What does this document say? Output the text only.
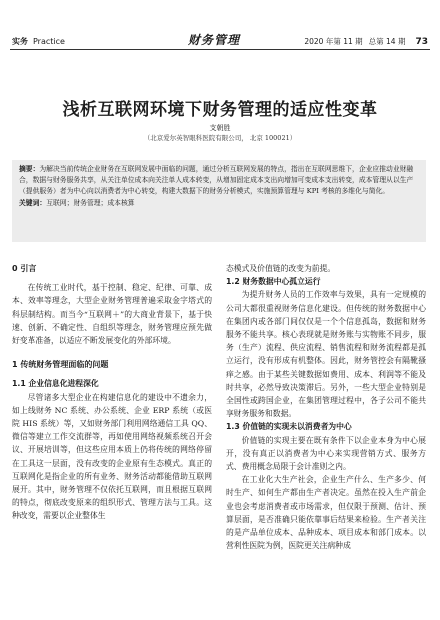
实务 Practice	财务管理	2020 年第 11 期 总第 14 期 73
浅析互联网环境下财务管理的适应性变革
支朝胜
（北京爱尔英智眼科医院有限公司， 北京 100021）
摘要：为解决当前传统企业财务在互联网发展中面临的问题，通过分析互联网发展的特点，指出在互联网思维下，企业应推动业财融合，数据与财务服务共享，从关注单位成本向关注单人成本转变，从增加固定成本支出向增加可变成本支出转变，成本管理从以生产（提供服务）者为中心向以消费者为中心转变，构建大数据下的财务分析模式，实施预算管理与 KPI 考核的多维化与简化。
关键词：互联网；财务管理；成本核算
0 引言

在传统工业时代，基于控制、稳定、纪律、可靠、成本、效率等理念，大型企业财务管理普遍采取金字塔式的科层制结构。而当今“互联网＋”的大商业背景下，基于快速、创新、不确定性、自组织等理念，财务管理应预先做好变革准备，以适应不断发展变化的外部环境。

1 传统财务管理面临的问题
1.1 企业信息化进程深化

尽管诸多大型企业在构建信息化的建设中不遗余力，如上线财务 NC 系统、办公系统、企业 ERP 系统（或医院 HIS 系统）等，又如财务部门利用网络通信工具 QQ、微信等建立工作交流群等，再如使用网络视频系统召开会议、开展培训等，但这些应用本质上仍将传统的网络停留在工具这一层面，没有改变的企业原有生态模式。真正的互联网化是指企业的所有业务、财务活动都能借助互联网展开。其中，财务管理不仅依托互联网，而且根据互联网的特点，彻底改变原来的组织形式、管理方法与工具。这种改变，需要以企业整体生

态模式及价值链的改变为前提。
1.2 财务数据中心孤立运行

为提升财务人员的工作效率与效果，具有一定规模的公司大都很重视财务信息化建设。但传统的财务数据中心在集团内或各部门间仅仅是一个个信息孤岛，数据和财务服务不能共享。核心表现就是财务账与实物账不同步，服务（生产）流程、供应流程、销售流程和财务流程都是孤立运行，没有形成有机整体。因此，财务管控会有隔靴搔痒之感。由于某些关键数据如费用、成本、利润等不能及时共享，必然导致决策滞后。另外，一些大型企业特别是全国性或跨国企业，在集团管理过程中，各子公司不能共享财务服务和数据。

1.3 价值链的实现未以消费者为中心

价值链的实现主要在既有条件下以企业本身为中心展开，没有真正以消费者为中心来实现营销方式、服务方式、费用概念局限于会计准则之内。

在工业化大生产社会，企业生产什么、生产多少、何时生产、如何生产都由生产者决定。虽然在投入生产前企业也会考虑消费者或市场需求，但仅限于预测、估计、预算层面，是否准确只能依靠事后结果来检验。生产者关注的是产品单位成本、品种成本、项目成本和部门成本。以营利性医院为例，医院更关注病种成
